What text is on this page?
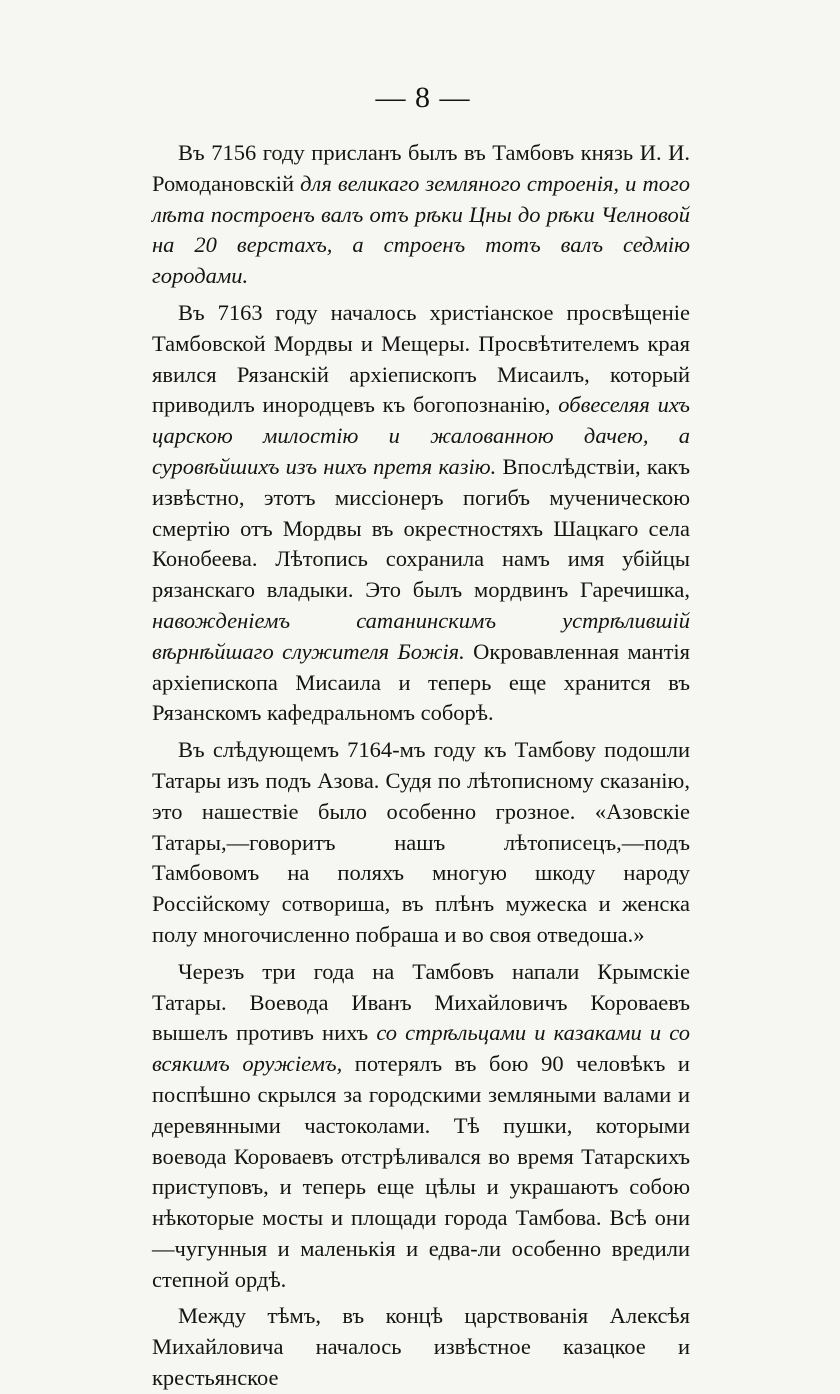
— 8 —

Въ 7156 году присланъ былъ въ Тамбовъ князь И. И. Ромодановскій для великаго земляного строенія, и того лѣта построенъ валъ отъ рѣки Цны до рѣки Челновой на 20 верстахъ, а строенъ тотъ валъ седмію городами.

Въ 7163 году началось христіанское просвѣщеніе Тамбовской Мордвы и Мещеры. Просвѣтителемъ края явился Рязанскій архіепископъ Мисаилъ, который приводилъ инородцевъ къ богопознанію, обвеселяя ихъ царскою милостію и жалованною дачею, а суровѣйшихъ изъ нихъ претя казію. Впослѣдствіи, какъ извѣстно, этотъ миссіонеръ погибъ мученическою смертію отъ Мордвы въ окрестностяхъ Шацкаго села Конобеева. Лѣтопись сохранила намъ имя убійцы рязанскаго владыки. Это былъ мордвинъ Гаречишка, навожденіемъ сатанинскимъ устрѣлившій вѣрнѣйшаго служителя Божія. Окровавленная мантія архіепископа Мисаила и теперь еще хранится въ Рязанскомъ кафедральномъ соборѣ.

Въ слѣдующемъ 7164-мъ году къ Тамбову подошли Татары изъ подъ Азова. Судя по лѣтописному сказанію, это нашествіе было особенно грозное. «Азовскіе Татары,—говоритъ нашъ лѣтописецъ,—подъ Тамбовомъ на поляхъ многую шкоду народу Россійскому сотвориша, въ плѣнъ мужеска и женска полу многочисленно побраша и во своя отведоша.»

Черезъ три года на Тамбовъ напали Крымскіе Татары. Воевода Иванъ Михайловичъ Короваевъ вышелъ противъ нихъ со стрѣльцами и казаками и со всякимъ оружіемъ, потерялъ въ бою 90 человѣкъ и поспѣшно скрылся за городскими земляными валами и деревянными частоколами. Тѣ пушки, которыми воевода Короваевъ отстрѣливался во время Татарскихъ приступовъ, и теперь еще цѣлы и украшаютъ собою нѣкоторые мосты и площади города Тамбова. Всѣ они—чугунныя и маленькія и едва-ли особенно вредили степной ордѣ.

Между тѣмъ, въ концѣ царствованія Алексѣя Михайловича началось извѣстное казацкое и крестьянское
